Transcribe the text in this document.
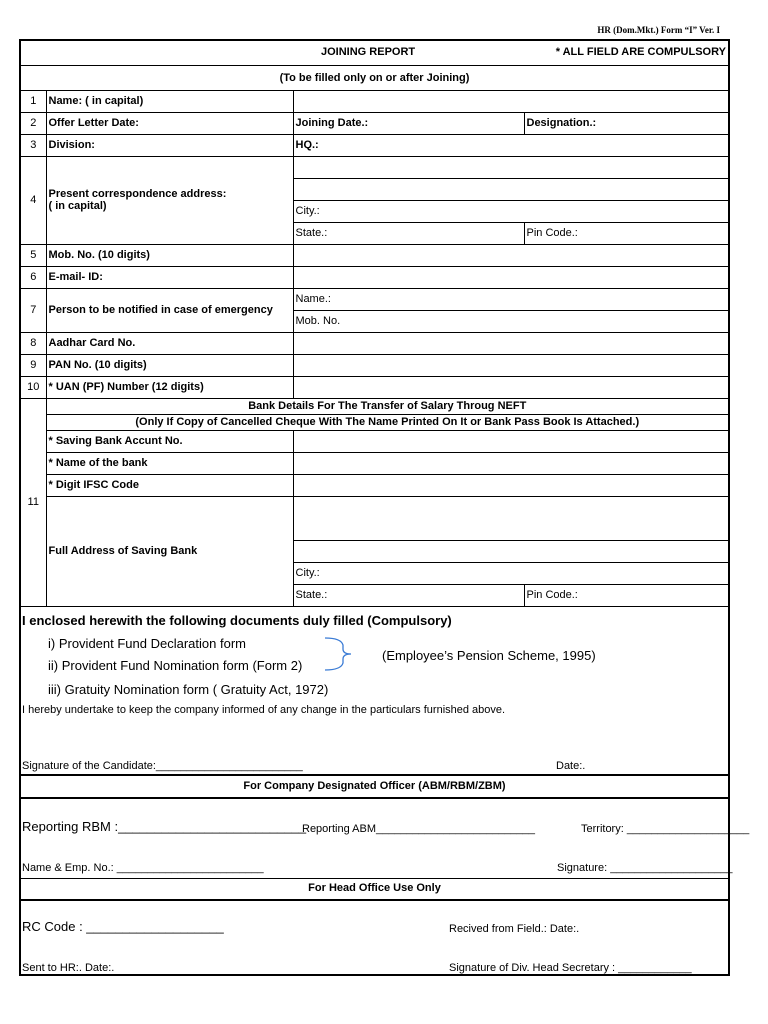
HR (Dom.Mkt.) Form “I” Ver. I
JOINING REPORT * ALL FIELD ARE COMPULSORY			

(To be filled only on or after Joining)			
1	Name: ( in capital)		
2	Offer Letter Date:	Joining Date.:	Designation.:
3	Division:	HQ.:	
4	Present correspondence address:
( in capital)		

		City.:	
		State.:	Pin Code.:
5	Mob. No. (10 digits)		
6	E-mail- ID:		
7	Person to be notified in case of emergency	Name.:	
		Mob. No.	
8	Aadhar Card No.		
9	PAN No. (10 digits)		
10	* UAN (PF) Number (12 digits)		
11	Bank Details For The Transfer of Salary Throug NEFT		
	(Only If Copy of Cancelled Cheque With The Name Printed On It or Bank Pass Book Is Attached.)		
	* Saving Bank Accunt No.		
	* Name of the bank		
	* Digit IFSC Code		
	Full Address of Saving Bank		

		City.:	
		State.:	Pin Code.:
I enclosed herewith the following documents duly filled (Compulsory)
i) Provident Fund Declaration form
ii) Provident Fund Nomination form (Form 2)
iii) Gratuity Nomination form ( Gratuity Act, 1972)
(Employee’s Pension Scheme, 1995)
I hereby undertake to keep the company informed of any change in the particulars furnished above.
Signature of the Candidate:________________________	Date:.
For Company Designated Officer (ABM/RBM/ZBM)
Reporting RBM :__________________________
Reporting ABM__________________________	Territory: ____________________
Name & Emp. No.: ________________________	Signature: ____________________
For Head Office Use Only
RC Code : ___________________	Recived from Field.: Date:.
Sent to HR:. Date:.	Signature of Div. Head Secretary : ____________
